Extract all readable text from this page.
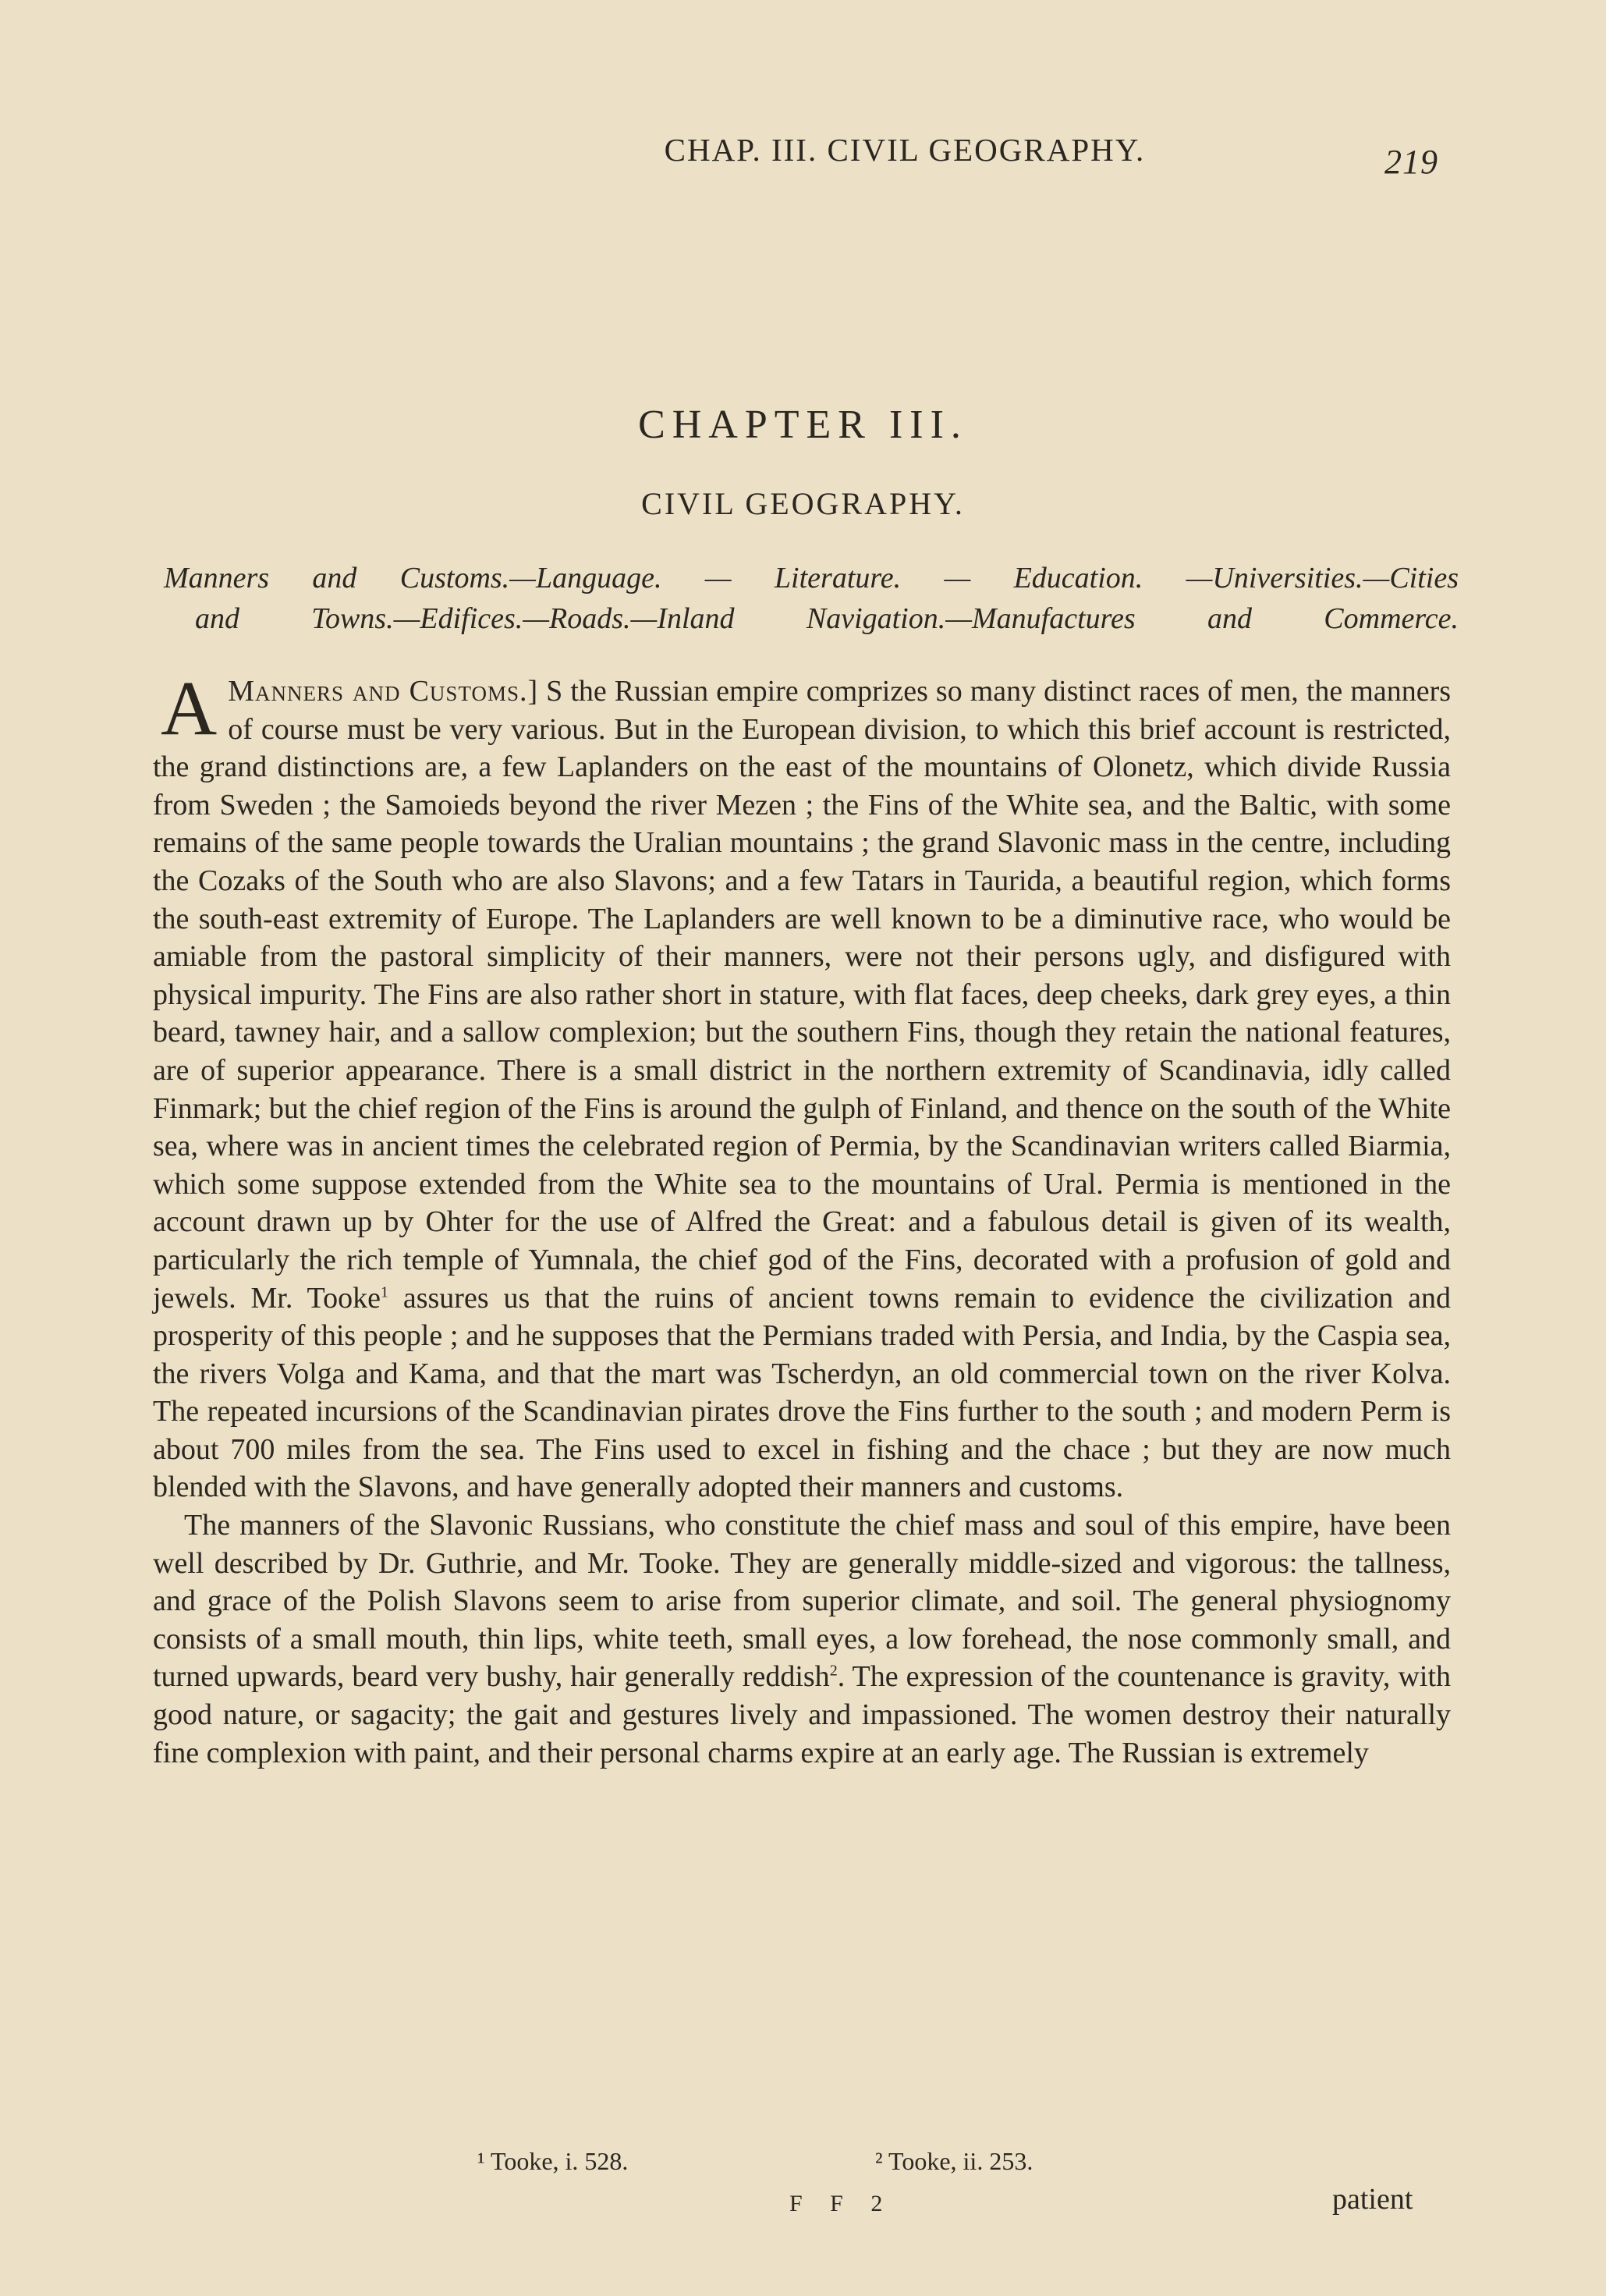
CHAP. III. CIVIL GEOGRAPHY.	219
CHAPTER III.
CIVIL GEOGRAPHY.
Manners and Customs.—Language. — Literature. — Education. —Universities.—Cities
and Towns.—Edifices.—Roads.—Inland Navigation.—Manufactures and Commerce.

Manners and Customs.]
A	S the Russian empire comprizes so many distinct races of men, the manners of course must be very various. But in the European division, to which this brief account is restricted, the grand distinctions are, a few Laplanders on the east of the mountains of Olonetz, which divide Russia from Sweden ; the Samoieds beyond the river Mezen ; the Fins of the White sea, and the Baltic, with some remains of the same people towards the Uralian mountains ; the grand Slavonic mass in the centre, including the Cozaks of the South who are also Slavons; and a few Tatars in Taurida, a beautiful region, which forms the south-east extremity of Europe. The Laplanders are well known to be a diminutive race, who would be amiable from the pastoral simplicity of their manners, were not their persons ugly, and disfigured with physical impurity. The Fins are also rather short in stature, with flat faces, deep cheeks, dark grey eyes, a thin beard, tawney hair, and a sallow complexion; but the southern Fins, though they retain the national features, are of superior appearance. There is a small district in the northern extremity of Scandinavia, idly called Finmark; but the chief region of the Fins is around the gulph of Finland, and thence on the south of the White sea, where was in ancient times the celebrated region of Permia, by the Scandinavian writers called Biarmia, which some suppose extended from the White sea to the mountains of Ural. Permia is mentioned in the account drawn up by Ohter for the use of Alfred the Great: and a fabulous detail is given of its wealth, particularly the rich temple of Yumnala, the chief god of the Fins, decorated with a profusion of gold and jewels. Mr. Tooke$^1$ assures us that the ruins of ancient towns remain to evidence the civilization and prosperity of this people ; and he supposes that the Permians traded with Persia, and India, by the Caspia sea, the rivers Volga and Kama, and that the mart was Tscherdyn, an old commercial town on the river Kolva. The repeated incursions of the Scandinavian pirates drove the Fins further to the south ; and modern Perm is about 700 miles from the sea. The Fins used to excel in fishing and the chace ; but they are now much blended with the Slavons, and have generally adopted their manners and customs.

The manners of the Slavonic Russians, who constitute the chief mass and soul of this empire, have been well described by Dr. Guthrie, and Mr. Tooke. They are generally middle-sized and vigorous: the tallness, and grace of the Polish Slavons seem to arise from superior climate, and soil. The general physiognomy consists of a small mouth, thin lips, white teeth, small eyes, a low forehead, the nose commonly small, and turned upwards, beard very bushy, hair generally reddish$^2$. The expression of the countenance is gravity, with good nature, or sagacity; the gait and gestures lively and impassioned. The women destroy their naturally fine complexion with paint, and their personal charms expire at an early age. The Russian is extremely

¹ Tooke, i. 528.	² Tooke, ii. 253.
F F 2	patient
